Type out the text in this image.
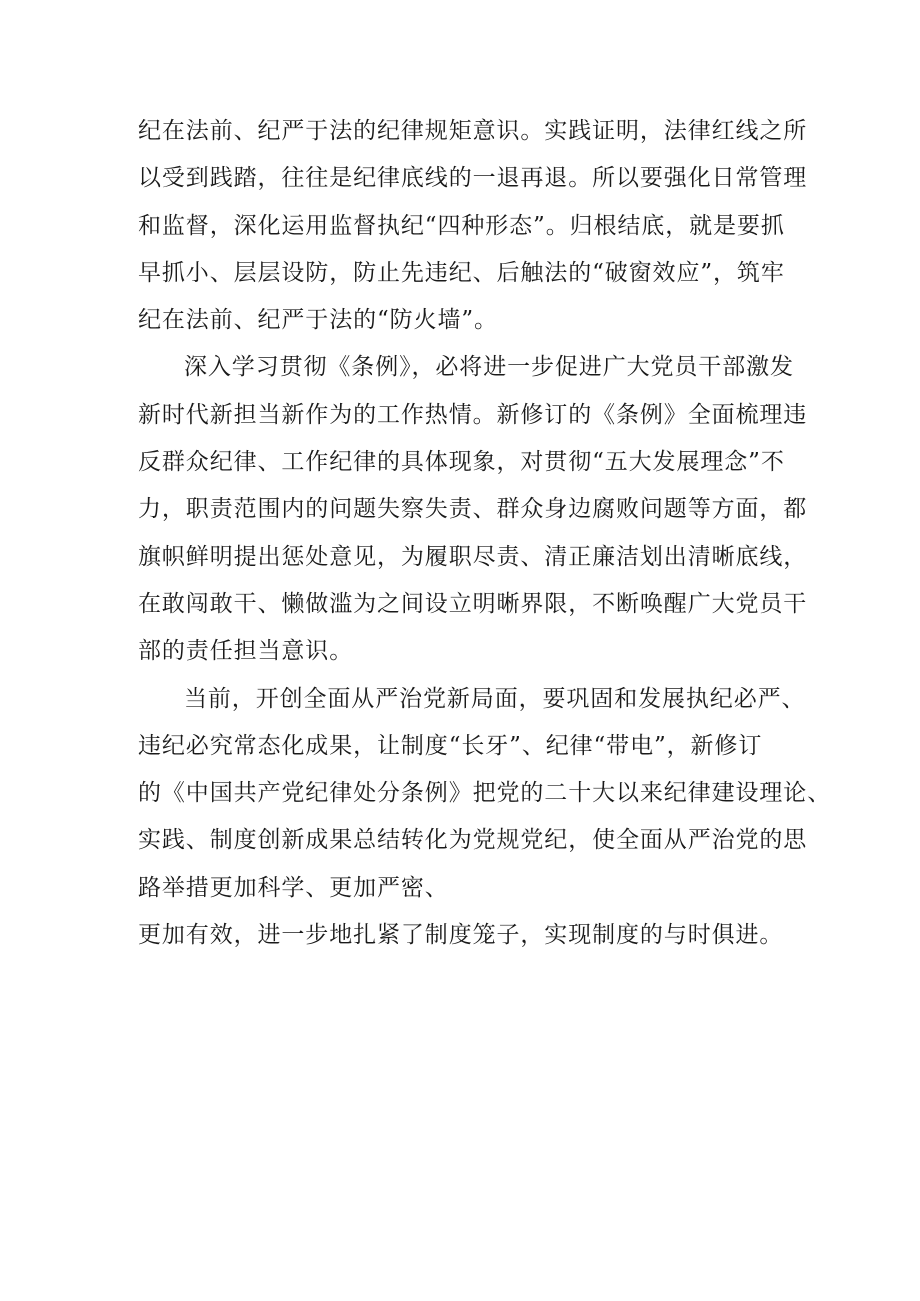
纪在法前、纪严于法的纪律规矩意识。实践证明，法律红线之所
以受到践踏，往往是纪律底线的一退再退。所以要强化日常管理
和监督，深化运用监督执纪“四种形态”。归根结底，就是要抓
早抓小、层层设防，防止先违纪、后触法的“破窗效应”，筑牢
纪在法前、纪严于法的“防火墙”。
深入学习贯彻《条例》，必将进一步促进广大党员干部激发
新时代新担当新作为的工作热情。新修订的《条例》全面梳理违
反群众纪律、工作纪律的具体现象，对贯彻“五大发展理念”不
力，职责范围内的问题失察失责、群众身边腐败问题等方面，都
旗帜鲜明提出惩处意见，为履职尽责、清正廉洁划出清晰底线，
在敢闯敢干、懒做滥为之间设立明晰界限，不断唤醒广大党员干
部的责任担当意识。
当前，开创全面从严治党新局面，要巩固和发展执纪必严、
违纪必究常态化成果，让制度“长牙”、纪律“带电”，新修订
的《中国共产党纪律处分条例》把党的二十大以来纪律建设理论、
实践、制度创新成果总结转化为党规党纪，使全面从严治党的思
路举措更加科学、更加严密、
更加有效，进一步地扎紧了制度笼子，实现制度的与时俱进。
